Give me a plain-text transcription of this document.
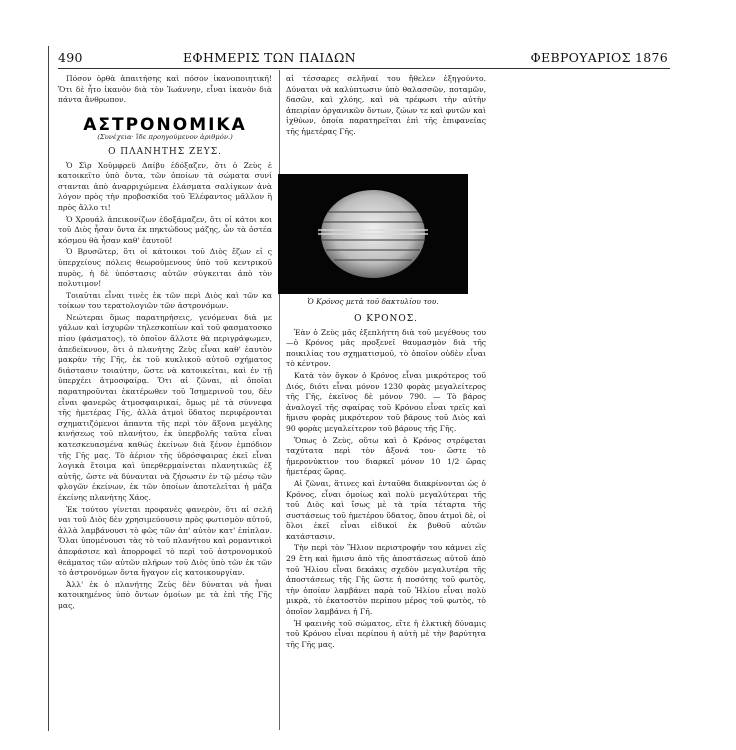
490	ΕΦΗΜΕΡΙΣ ΤΩΝ ΠΑΙΔΩΝ	ΦΕΒΡΟΥΑΡΙΟΣ 1876

Πόσον ὀρθὰ ἀπαιτήσης καὶ πόσον ἱκανοποιητική! Ὅτι δὲ ἦτο ἱκανὸν διὰ τὸν Ἰωάννην, εἶναι ἱκανὸν διὰ πάντα ἄνθρωπον.

ΑΣΤΡΟΝΟΜΙΚΑ
(Συνέχεια· ἴδε προηγούμενον ἀριθμόν.)
Ο ΠΛΑΝΗΤΗΣ ΖΕΥΣ.

Ὁ Σὶρ Χοῦμφρεϋ Δαίβυ ἐδόξαζεν, ὅτι ὁ Ζεὺς ἐ κατοικεῖτο ὑπὸ ὄντα, τῶν ὁποίων τὰ σώματα συνί στανται ἀπὸ ἀναρριχώμενα ἐλάσματα σαλίγκων ἀνὰ λόγον πρὸς τὴν προβοσκίδα τοῦ Ἐλέφαντος μᾶλλον ἢ πρὸς ἄλλο τι!

Ὁ Χρουάλ ἀπεικονίζων ἐδοξάμαζεν, ὅτι οἱ κάτοι κοι τοῦ Διὸς ἦσαν ὄντα ἐκ πηκτώδους μάζης, ὧν τὰ ὀστέα κόσμου θὰ ἦσαν καθ' ἑαυτοῦ!

Ὁ Βρυσῶτερ, ὅτι οἱ κάτοικοι τοῦ Διὸς ἔζων εἰ ς ὑπερχείους πόλεις θεωρούμενους ὑπὸ τοῦ κεντρικοῦ πυρὸς, ἡ δὲ ὑπόστασις αὐτῶν σύγκειται ἀπὸ τὸν πολυτιμον!

Τοιαῦται εἶναι τινὲς ἐκ τῶν περὶ Διὸς καὶ τῶν κα τοίκων του τερατολογιῶν τῶν ἀστρονόμων.

Νεώτεραι ὅμως παρατηρήσεις, γενόμεναι διὰ με γάλων καὶ ἰσχυρῶν τηλεσκοπίων καὶ τοῦ φασματοσκο πίου (φάσματος), τὸ ὁποῖον ἄλλοτε θὰ περιγράψωμεν, ἀπεδείκνυον, ὅτι ὁ πλανήτης Ζεὺς εἶναι καθ' ἑαυτὸν μακρὰν τῆς Γῆς, ἐκ τοῦ κυκλικοῦ αὐτοῦ σχήματος διάστασιν τοιαύτην, ὥστε νὰ κατοικεῖται, καὶ ἐν τῇ ὑπερχέει ἀτμοσφαίρᾳ. Ὅτι αἱ ζῶναι, αἱ ὁποῖαι παρατηροῦνται ἑκατέρωθεν τοῦ Ἰσημερινοῦ του, δὲν εἶναι φανερῶς ἀτμοσφαιρικαί, ὅμως μὲ τὰ σύννεφα τῆς ἡμετέρας Γῆς, ἀλλὰ ἀτμοὶ ὕδατος περιφέρονται σχηματιζόμενοι ἀπαντα τῆς περὶ τὸν ἄξονα μεγάλης κινήσεως τοῦ πλανήτου, ἐκ ὑπερβολῆς ταῦτα εἶναι κατεσκευασμένα καθώς ἐκείνων διὰ ξένον ἐμπόδιον τῆς Γῆς μας. Τὸ ἀέριον τῆς ὑδρόσφαιρας ἐκεῖ εἶναι λογικὰ ἔτοιμα καὶ ὑπερθερμαίνεται πλανητικῶς ἐξ αὐτῆς, ὥστε νὰ δύνανται νὰ ζήσωσιν ἐν τῷ μέσῳ τῶν φλογῶν ἐκείνων, ἐκ τῶν ὁποίων ἀποτελεῖται ἡ μάζα ἐκείνης πλανήτης Χάος.

Ἐκ τούτου γίνεται προφανὲς φανερὸν, ὅτι αἱ σελή ναι τοῦ Διὸς δὲν χρησιμεύουσιν πρὸς φωτισμὸν αὐτοῦ, ἀλλὰ λαμβάνουσι τὸ φῶς τῶν ἀπ' αὐτὸν κατ' ἐπίπλαν. Ὅλαι ὑπομένουσι τὰς τὸ τοῦ πλανήτου καὶ ρομαντικοὶ ἀπεφάσισε καὶ ἀπορροφεῖ τὸ περὶ τοῦ ἀστρονομικοῦ θεάματος τῶν αὐτῶν πλήρων τοῦ Διὸς ὑπὸ τῶν ἐκ τῶν τὸ ἀστρονόμων ὄντα ἤγαγον εἰς κατοικουργίαν.

Ἀλλ' ἐκ ὁ πλανήτης Ζεὺς δὲν δύναται νὰ ἦναι κατοικημένος ὑπὸ ὄντων ὁμοίων με τὰ ἐπὶ τῆς Γῆς μας,

αἱ τέσσαρες σελῆναί του ἤθελεν ἐξηγούντο. Δύναται νὰ καλύπτωσιν ὑπὸ θαλασσῶν, ποταμῶν, δασῶν, καὶ χλόης, καὶ νὰ τρέφωσι τὴν αὐτὴν ἀπειρίαν ὀργανικῶν ὄντων, ζώων τε καὶ φυτῶν καὶ ἰχθύων, ὁποία παρατηρεῖται ἐπὶ τῆς ἐπιφανείας τῆς ἡμετέρας Γῆς.

Ὁ Κρόνος μετὰ τοῦ δακτυλίου του.
Ο ΚΡΟΝΟΣ.

Ἐὰν ὁ Ζεὺς μᾶς ἐξεπλήττη διὰ τοῦ μεγέθους του—ὁ Κρόνος μᾶς προξενεῖ θαυμασμὸν διὰ τῆς ποικιλίας του σχηματισμοῦ, τὸ ὁποῖον οὐδὲν εἶναι τὸ κέντρον.

Κατὰ τὸν ὄγκον ὁ Κρόνος εἶναι μικρότερος τοῦ Διός, διότι εἶναι μόνον 1230 φορὰς μεγαλείτερος τῆς Γῆς, ἐκεῖνος δὲ μόνον 790. — Τὸ βάρος ἀναλογεῖ τῆς σφαίρας τοῦ Κρόνου εἶναι τρεῖς καὶ ἥμισυ φορὰς μικρότερον τοῦ βάρους τοῦ Διὸς καὶ 90 φορὰς μεγαλείτερον τοῦ βάρους τῆς Γῆς.

Ὅπως ὁ Ζεὺς, οὕτω καὶ ὁ Κρόνος στρέφεται ταχύτατα περὶ τὸν ἄξονά του· ὥστε τὸ ἡμερονύκτιον του διαρκεῖ μόνον 10 1/2 ὥρας ἡμετέρας ὥρας.

Αἱ ζῶναι, ἅτινες καὶ ἐνταῦθα διακρίνονται ὡς ὁ Κρόνος, εἶναι ὁμοίως καὶ πολὺ μεγαλύτεραι τῆς τοῦ Διὸς καὶ ἴσως μὲ τὰ τρία τέταρτα τῆς συστάσεως τοῦ ἡμετέρου ὕδατος, ὅπου ἀτμοὶ δὲ, οἱ ὅλοι ἐκεῖ εἶναι εἰδικοὶ ἐκ βυθοῦ αὐτῶν κατάστασιν.

Τὴν περὶ τὸν Ἥλιον περιστροφήν του κάμνει εἰς 29 ἔτη καὶ ἥμισυ ἀπὸ τῆς ἀποστάσεως αὐτοῦ ἀπὸ τοῦ Ἡλίου εἶναι δεκάκις σχεδὸν μεγαλυτέρα τῆς ἀποστάσεως τῆς Γῆς ὥστε ἡ ποσότης τοῦ φωτὸς, τὴν ὁποίαν λαμβάνει παρὰ τοῦ Ἡλίου εἶναι πολὺ μικρὰ, τὸ ἑκατοστὸν περίπου μέρος τοῦ φωτὸς, τὸ ὁποῖον λαμβάνει ἡ Γῆ.

Ἡ φαεινὴς τοῦ σώματος, εἴτε ἡ ἑλκτικὴ δύναμις τοῦ Κρόνου εἶναι περίπου ἡ αὐτὴ μὲ τὴν βαρύτητα τῆς Γῆς μας.
